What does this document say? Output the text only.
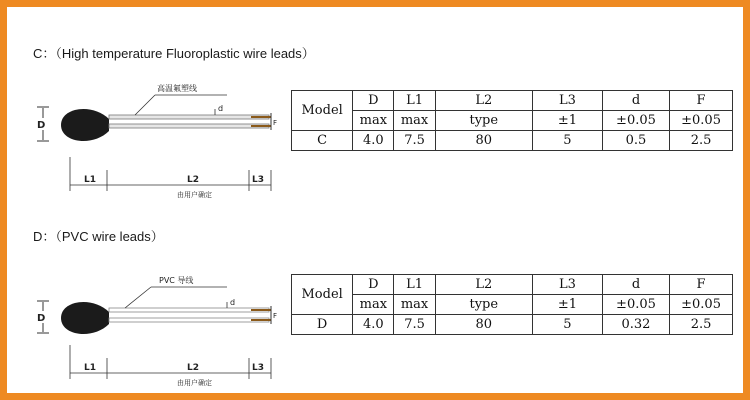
C：（High temperature Fluoroplastic wire leads）
D	F
d
高温氟塑线
L1	L2	L3
由用户确定
Model	D	L1	L2	L3	d	F
	max	max	type	±1	±0.05	±0.05
C	4.0	7.5	80	5	0.5	2.5
D：（PVC wire leads）
D	F
d
PVC 导线
L1	L2	L3
由用户确定
Model	D	L1	L2	L3	d	F
	max	max	type	±1	±0.05	±0.05
D	4.0	7.5	80	5	0.32	2.5
